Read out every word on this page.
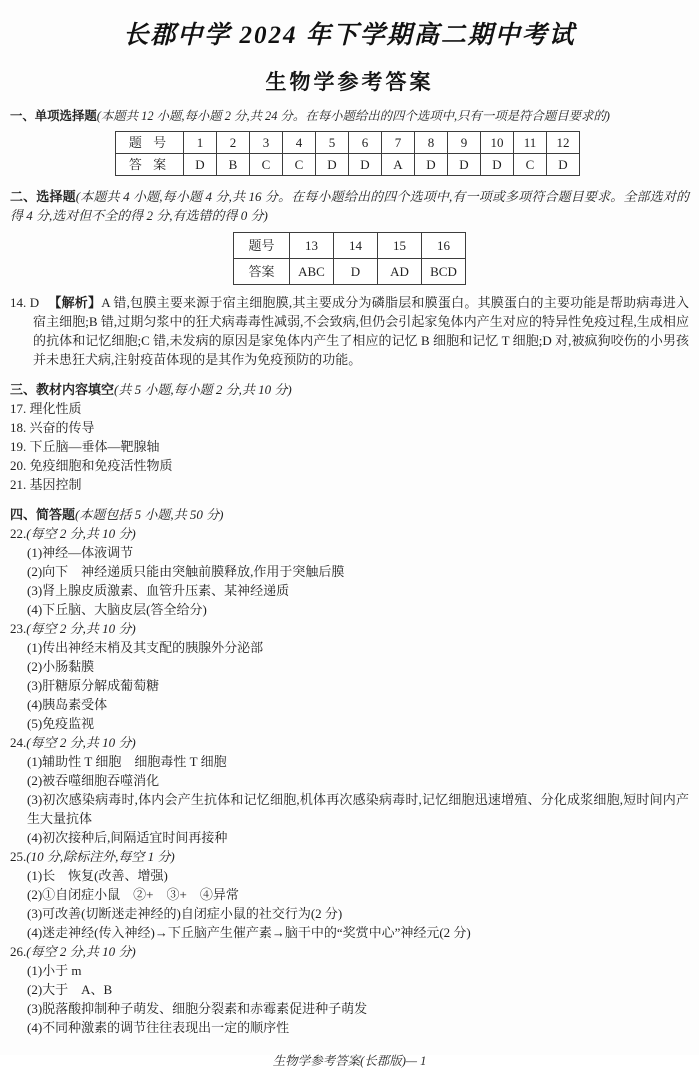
长郡中学 2024 年下学期高二期中考试
生物学参考答案
一、单项选择题(本题共 12 小题,每小题 2 分,共 24 分。在每小题给出的四个选项中,只有一项是符合题目要求的)
题 号	1	2	3	4	5	6	7	8	9	10	11	12
答 案	D	B	C	C	D	D	A	D	D	D	C	D
二、选择题(本题共 4 小题,每小题 4 分,共 16 分。在每小题给出的四个选项中,有一项或多项符合题目要求。全部选对的得 4 分,选对但不全的得 2 分,有选错的得 0 分)
题号	13	14	15	16
答案	ABC	D	AD	BCD
14. D 【解析】A 错,包膜主要来源于宿主细胞膜,其主要成分为磷脂层和膜蛋白。其膜蛋白的主要功能是帮助病毒进入宿主细胞;B 错,过期匀浆中的狂犬病毒毒性减弱,不会致病,但仍会引起家兔体内产生对应的特异性免疫过程,生成相应的抗体和记忆细胞;C 错,未发病的原因是家兔体内产生了相应的记忆 B 细胞和记忆 T 细胞;D 对,被疯狗咬伤的小男孩并未患狂犬病,注射疫苗体现的是其作为免疫预防的功能。
三、教材内容填空(共 5 小题,每小题 2 分,共 10 分)
17. 理化性质
18. 兴奋的传导
19. 下丘脑—垂体—靶腺轴
20. 免疫细胞和免疫活性物质
21. 基因控制
四、简答题(本题包括 5 小题,共 50 分)
22.(每空 2 分,共 10 分)
(1)神经—体液调节
(2)向下　神经递质只能由突触前膜释放,作用于突触后膜
(3)肾上腺皮质激素、血管升压素、某神经递质
(4)下丘脑、大脑皮层(答全给分)
23.(每空 2 分,共 10 分)
(1)传出神经末梢及其支配的胰腺外分泌部
(2)小肠黏膜
(3)肝糖原分解成葡萄糖
(4)胰岛素受体
(5)免疫监视
24.(每空 2 分,共 10 分)
(1)辅助性 T 细胞　细胞毒性 T 细胞
(2)被吞噬细胞吞噬消化
(3)初次感染病毒时,体内会产生抗体和记忆细胞,机体再次感染病毒时,记忆细胞迅速增殖、分化成浆细胞,短时间内产生大量抗体
(4)初次接种后,间隔适宜时间再接种
25.(10 分,除标注外,每空 1 分)
(1)长　恢复(改善、增强)
(2)①自闭症小鼠　②+　③+　④异常
(3)可改善(切断迷走神经的)自闭症小鼠的社交行为(2 分)
(4)迷走神经(传入神经)→下丘脑产生催产素→脑干中的“奖赏中心”神经元(2 分)
26.(每空 2 分,共 10 分)
(1)小于 m
(2)大于　A、B
(3)脱落酸抑制种子萌发、细胞分裂素和赤霉素促进种子萌发
(4)不同种激素的调节往往表现出一定的顺序性
生物学参考答案(长郡版)— 1
